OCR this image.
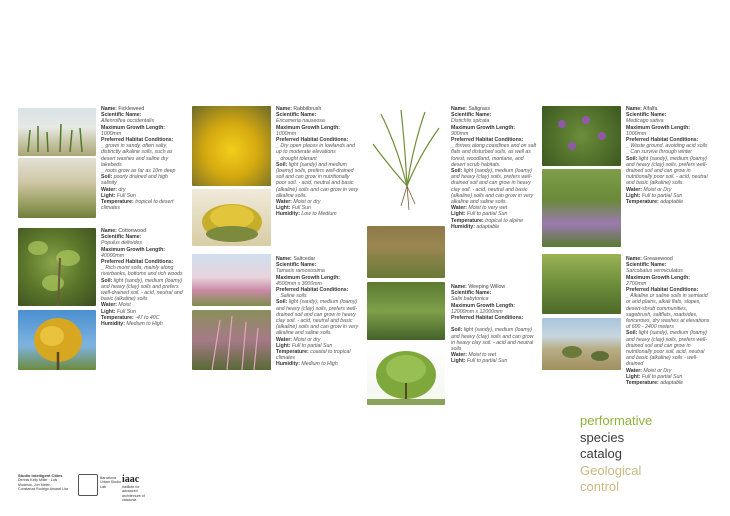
Name: Fickleweed
Scientific Name:
Allenrolfea occidentalis
Maximum Growth Length:
1000mm
Preferred Habitat Conditions:
_ grows in sandy, often salty, distinctly alkaline soils, such as desert washes and saline dry lakebeds
_ roots grow as far as 10m deep
Soil: poorly drained and high salinity
Water: dry
Light: Full Sun
Temperature: tropical to desert climates
Name: Cottonwood
Scientific Name:
Populus deltoides
Maximum Growth Length:
40000mm
Preferred Habitat Conditions:
_ Rich moist soils, mainly along riverbanks, bottoms and rich woods
Soil: light (sandy), medium (loamy) and heavy (clay) soils and prefers well-drained soil. - acid, neutral and basic (alkaline) soils
Water: Moist
Light: Full Sun
Temperature: -47 to 40C
Humidity: Medium to High
Name: Rabbitbrush
Scientific Name:
Ericameria nauseosa
Maximum Growth Length:
1000mm
Preferred Habitat Conditions:
_ Dry open places in lowlands and up to moderate elevations
_ drought tolerant
Soil: light (sandy) and medium (loamy) soils, prefers well-drained soil and can grow in nutritionally poor soil. - acid, neutral and basic (alkaline) soils and can grow in very alkaline soils.
Water: Moist or dry
Light: Full Sun
Humidity: Low to Medium
Name: Saltcedar
Scientific Name:
Tamarix ramosissima
Maximum Growth Length:
4500mm x 3000mm
Preferred Habitat Conditions:
_ Saline soils
Soil: light (sandy), medium (loamy) and heavy (clay) soils, prefers well-drained soil and can grow in heavy clay soil. - acid, neutral and basic (alkaline) soils and can grow in very alkaline and saline soils.
Water: Moist or dry
Light: Full to partial Sun
Temperature: coastal to tropical climates
Humidity: Medium to High
Name: Saltgrass
Scientific Name:
Distichlis spicata
Maximum Growth Length:
900mm
Preferred Habitat Conditions:
_ thrives along coastlines and on salt flats and disturbed soils, as well as forest, woodland, montane, and desert scrub habitats.
Soil: light (sandy), medium (loamy) and heavy (clay) soils, prefers well-drained soil and can grow in heavy clay soil. - acid, neutral and basic (alkaline) soils and can grow in very alkaline and saline soils.
Water: Moist to very wet
Light: Full to partial Sun
Temperature: tropical to alpine
Humidity: adaptable
Name: Weeping Willow
Scientific Name:
Salix babylonica
Maximum Growth Length:
12000mm x 12000mm
Preferred Habitat Conditions:

Soil: light (sandy), medium (loamy) and heavy (clay) soils and can grow in heavy clay soil. - acid and neutral soils
Water: Moist to wet
Light: Full to partial Sun
Name: Alfalfa
Scientific Name:
Medicago sativa
Maximum Growth Length:
1000mm
Preferred Habitat Conditions:
_ Waste ground, avoiding acid soils
_ Can survive through winter
Soil: light (sandy), medium (loamy) and heavy (clay) soils, prefers well-drained soil and can grow in nutritionally poor soil. - acid, neutral and basic (alkaline) soils.
Water: Moist or Dry
Light: Full to partial Sun
Temperature: adaptable
Name: Greasewood
Scientific Name:
Sarcobatus vermiculatus
Maximum Growth Length:
2700mm
Preferred Habitat Conditions:
_ Alkaline or saline soils in semiarid or arid plains, alkali flats, slopes, desert-shrub communities, sagebrush, saltflats, roadsides, fencerows, dry washes at elevations of 600 - 2400 meters
Soil: light (sandy), medium (loamy) and heavy (clay) soils, prefers well-drained soil and can grow in nutritionally poor soil. acid, neutral and basic (alkaline) soils - well-drained
Water: Moist or Dry
Light: Full to partial Sun
Temperature: adaptable
performative
species
catalog
Geological
control
Studio Intelligent Cities
Dennis Kelly Miller · Luis Modesto, Jon Meleh · Constanza Rodrigo Amaral Lira
Barcelona Urban Studio Lab
iaac
institute for advanced architecture of catalonia
